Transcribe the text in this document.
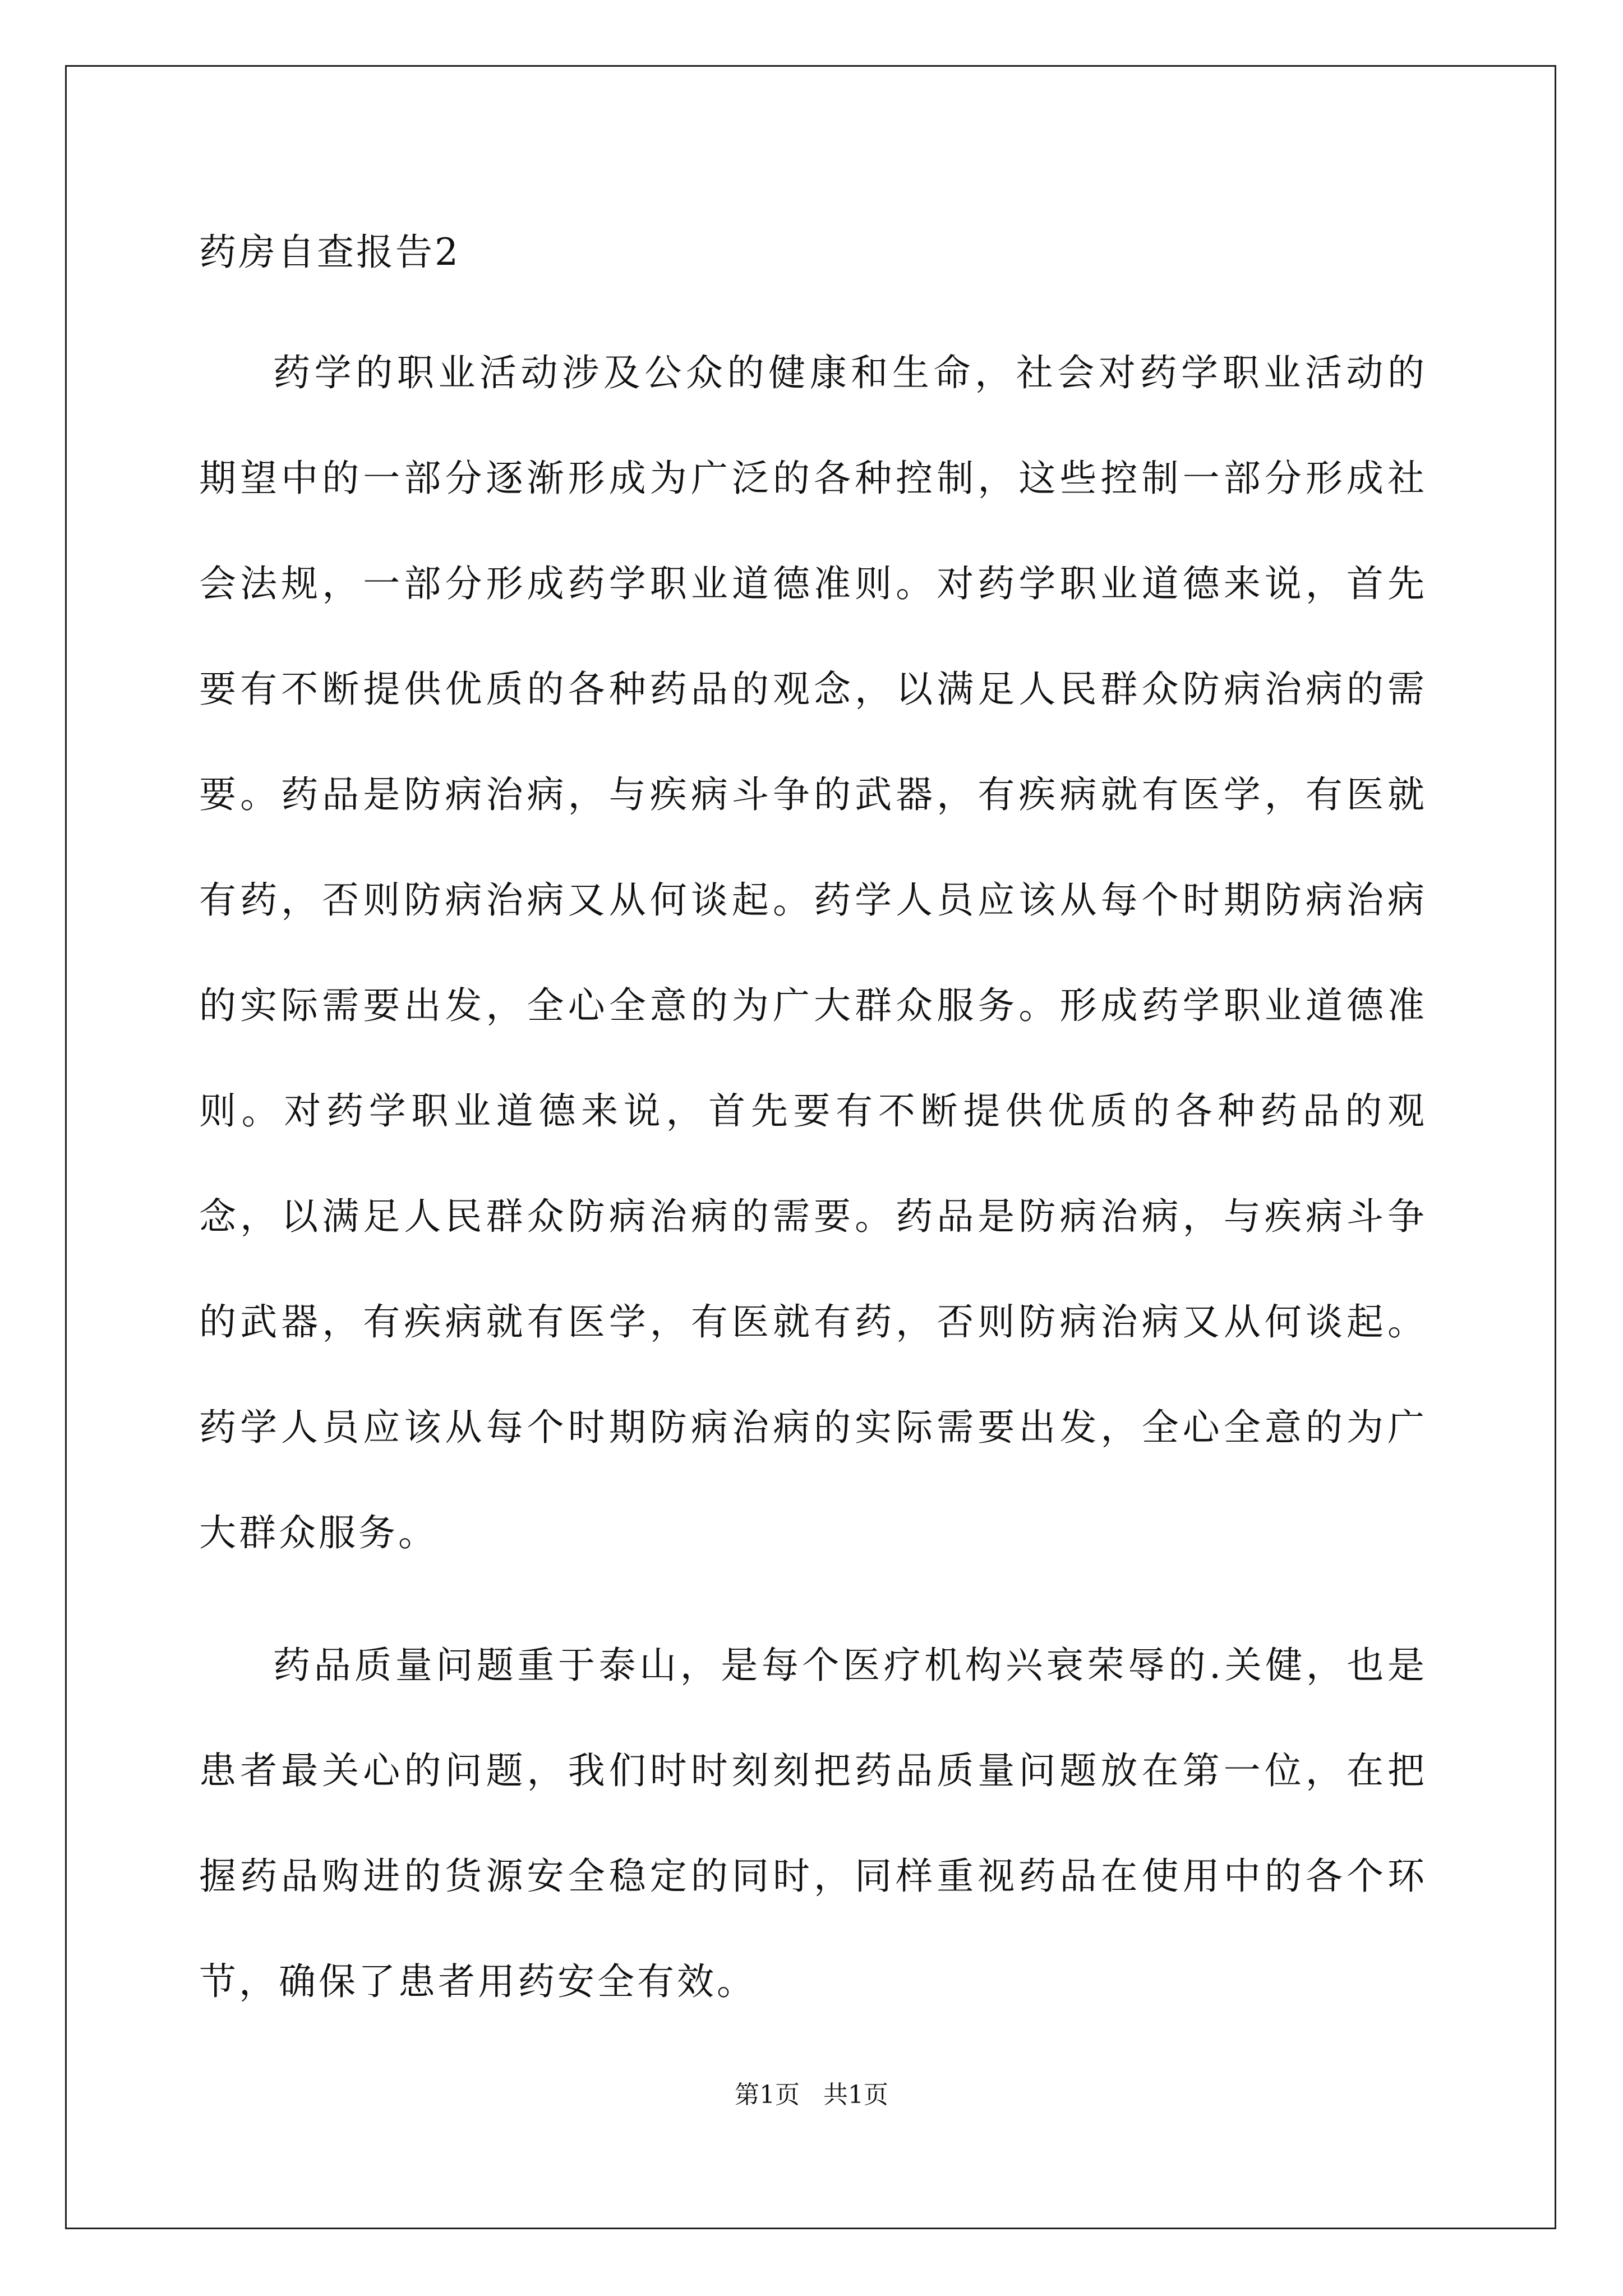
药房自查报告2

药学的职业活动涉及公众的健康和生命，社会对药学职业活动的期望中的一部分逐渐形成为广泛的各种控制，这些控制一部分形成社会法规，一部分形成药学职业道德准则。对药学职业道德来说，首先要有不断提供优质的各种药品的观念，以满足人民群众防病治病的需要。药品是防病治病，与疾病斗争的武器，有疾病就有医学，有医就有药，否则防病治病又从何谈起。药学人员应该从每个时期防病治病的实际需要出发，全心全意的为广大群众服务。形成药学职业道德准则。对药学职业道德来说，首先要有不断提供优质的各种药品的观念，以满足人民群众防病治病的需要。药品是防病治病，与疾病斗争的武器，有疾病就有医学，有医就有药，否则防病治病又从何谈起。药学人员应该从每个时期防病治病的实际需要出发，全心全意的为广大群众服务。

药品质量问题重于泰山，是每个医疗机构兴衰荣辱的.关健，也是患者最关心的问题，我们时时刻刻把药品质量问题放在第一位，在把握药品购进的货源安全稳定的同时，同样重视药品在使用中的各个环节，确保了患者用药安全有效。

第1页   共1页
